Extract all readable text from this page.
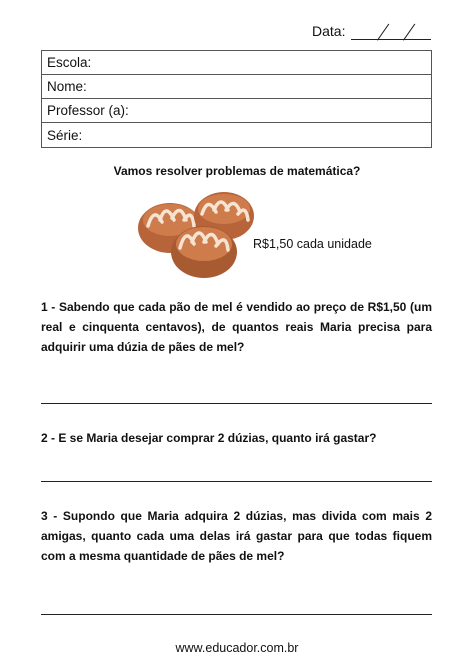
Data:
Escola:
Nome:
Professor (a):
Série:
Vamos resolver problemas de matemática?
R$1,50 cada unidade
1 - Sabendo que cada pão de mel é vendido ao preço de R$1,50 (um real e cinquenta centavos), de quantos reais Maria precisa para adquirir uma dúzia de pães de mel?
2 - E se Maria desejar comprar 2 dúzias, quanto irá gastar?
3 - Supondo que Maria adquira 2 dúzias, mas divida com mais 2 amigas, quanto cada uma delas irá gastar para que todas fiquem com a mesma quantidade de pães de mel?
www.educador.com.br
